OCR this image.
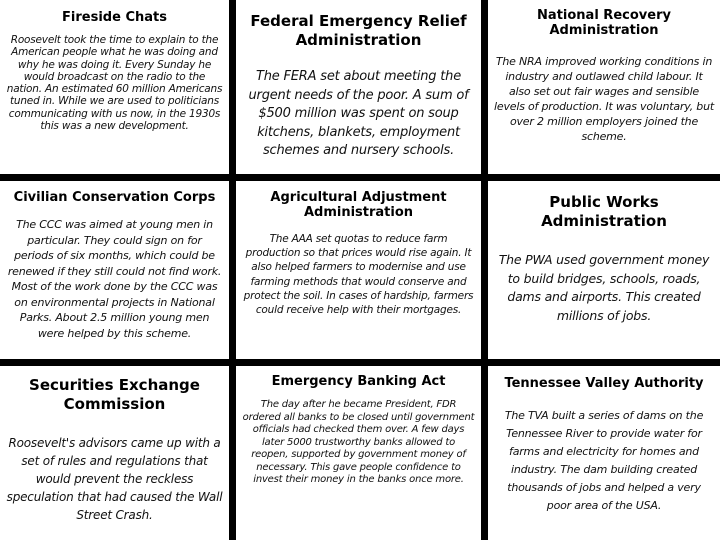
Fireside Chats
Roosevelt took the time to explain to the American people what he was doing and why he was doing it. Every Sunday he would broadcast on the radio to the nation. An estimated 60 million Americans tuned in. While we are used to politicians communicating with us now, in the 1930s this was a new development.
Federal Emergency Relief Administration
The FERA set about meeting the urgent needs of the poor. A sum of $500 million was spent on soup kitchens, blankets, employment schemes and nursery schools.
National Recovery Administration
The NRA improved working conditions in industry and outlawed child labour. It also set out fair wages and sensible levels of production. It was voluntary, but over 2 million employers joined the scheme.
Civilian Conservation Corps
The CCC was aimed at young men in particular. They could sign on for periods of six months, which could be renewed if they still could not find work. Most of the work done by the CCC was on environmental projects in National Parks. About 2.5 million young men were helped by this scheme.
Agricultural Adjustment Administration
The AAA set quotas to reduce farm production so that prices would rise again. It also helped farmers to modernise and use farming methods that would conserve and protect the soil. In cases of hardship, farmers could receive help with their mortgages.
Public Works Administration
The PWA used government money to build bridges, schools, roads, dams and airports. This created millions of jobs.
Securities Exchange Commission
Roosevelt's advisors came up with a set of rules and regulations that would prevent the reckless speculation that had caused the Wall Street Crash.
Emergency Banking Act
The day after he became President, FDR ordered all banks to be closed until government officials had checked them over. A few days later 5000 trustworthy banks allowed to reopen, supported by government money of necessary. This gave people confidence to invest their money in the banks once more.
Tennessee Valley Authority
The TVA built a series of dams on the Tennessee River to provide water for farms and electricity for homes and industry. The dam building created thousands of jobs and helped a very poor area of the USA.
